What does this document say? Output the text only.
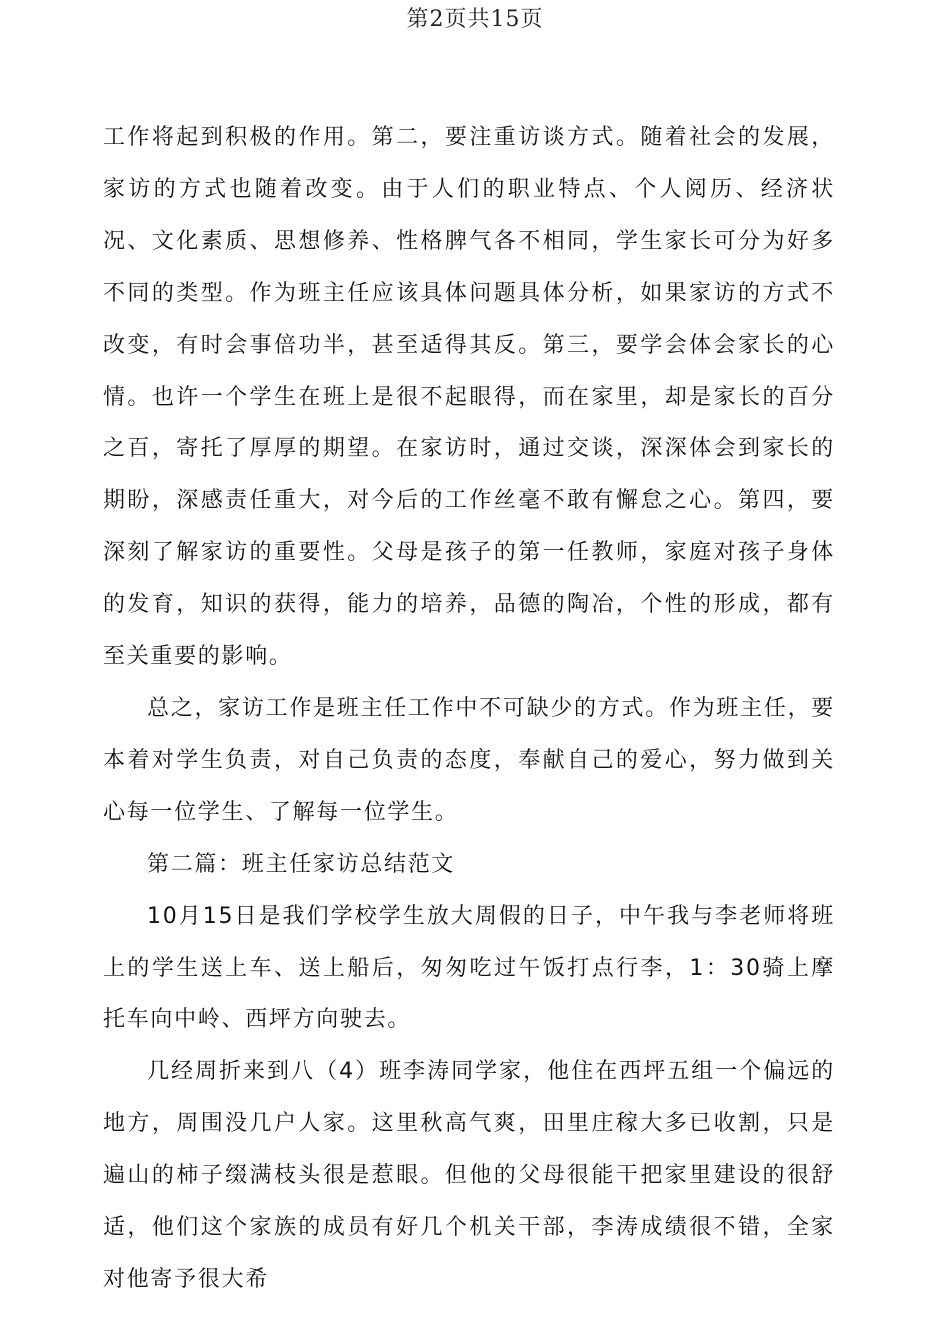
第2页共15页

工作将起到积极的作用。第二，要注重访谈方式。随着社会的发展，家访的方式也随着改变。由于人们的职业特点、个人阅历、经济状况、文化素质、思想修养、性格脾气各不相同，学生家长可分为好多不同的类型。作为班主任应该具体问题具体分析，如果家访的方式不改变，有时会事倍功半，甚至适得其反。第三，要学会体会家长的心情。也许一个学生在班上是很不起眼得，而在家里，却是家长的百分之百，寄托了厚厚的期望。在家访时，通过交谈，深深体会到家长的期盼，深感责任重大，对今后的工作丝毫不敢有懈怠之心。第四，要深刻了解家访的重要性。父母是孩子的第一任教师，家庭对孩子身体的发育，知识的获得，能力的培养，品德的陶冶，个性的形成，都有至关重要的影响。

总之，家访工作是班主任工作中不可缺少的方式。作为班主任，要本着对学生负责，对自己负责的态度，奉献自己的爱心，努力做到关心每一位学生、了解每一位学生。

第二篇：班主任家访总结范文

10月15日是我们学校学生放大周假的日子，中午我与李老师将班上的学生送上车、送上船后，匆匆吃过午饭打点行李，1：30骑上摩托车向中岭、西坪方向驶去。

几经周折来到八（4）班李涛同学家，他住在西坪五组一个偏远的地方，周围没几户人家。这里秋高气爽，田里庄稼大多已收割，只是遍山的柿子缀满枝头很是惹眼。但他的父母很能干把家里建设的很舒适，他们这个家族的成员有好几个机关干部，李涛成绩很不错，全家对他寄予很大希
